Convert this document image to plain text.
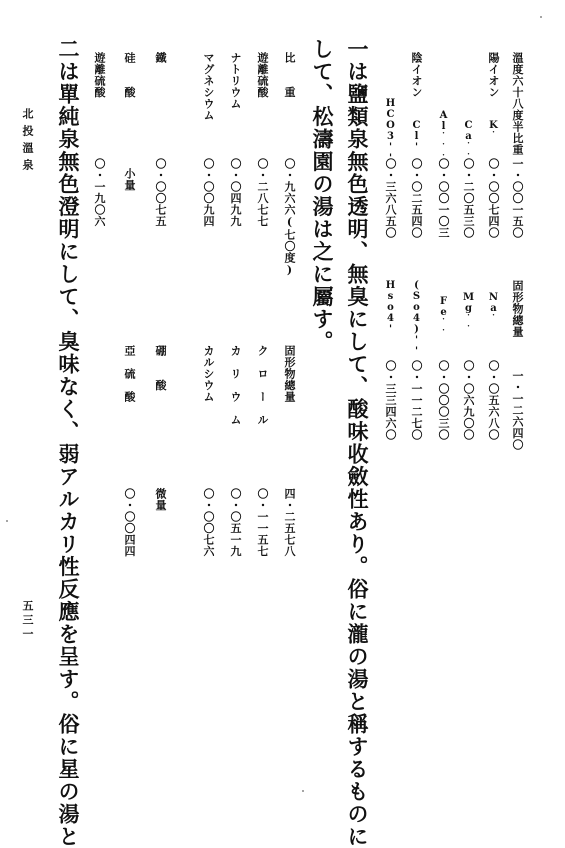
溫度六十八度半比重
一・〇〇一五〇
固形物總量
一・一二六四〇
陽イオン
K˙
〇・〇〇七四〇
Na˙
〇・〇五六八〇
Ca˙˙
〇・二〇五三〇
Mg˙˙
〇・〇六九〇〇
Al˙˙˙
〇・〇〇一〇三
Fe˙˙
〇・〇〇〇三〇
陰イオン
Cl'
〇・〇二五四〇
(So4)''
〇・一一二七〇
HCO3''
〇・三六八五〇
Hso4'
〇・三三四六〇
一は鹽類泉無色透明、無臭にして、酸味收斂性あり。俗に瀧の湯と稱するものに
して、松濤園の湯は之に屬す。
比　　重
〇・九六六(七〇度)
固形物總量
四・二五七八
遊離硫酸
〇・二八七七
ク　ロ　ー　ル
〇・一一五七
ナトリウム
〇・〇四九九
カ　リ　ウ　ム
〇・〇五一九
マグネシウム
〇・〇〇九四
カルシウム
〇・〇〇七六
鐵
〇・〇〇七五
硼　　酸
微量
硅　　酸
小量
亞　硫　酸
〇・〇〇四四
遊離硫酸
〇・一九〇六
二は單純泉無色澄明にして、臭味なく、弱アルカリ性反應を呈す。俗に星の湯と
北投溫泉
五三一
